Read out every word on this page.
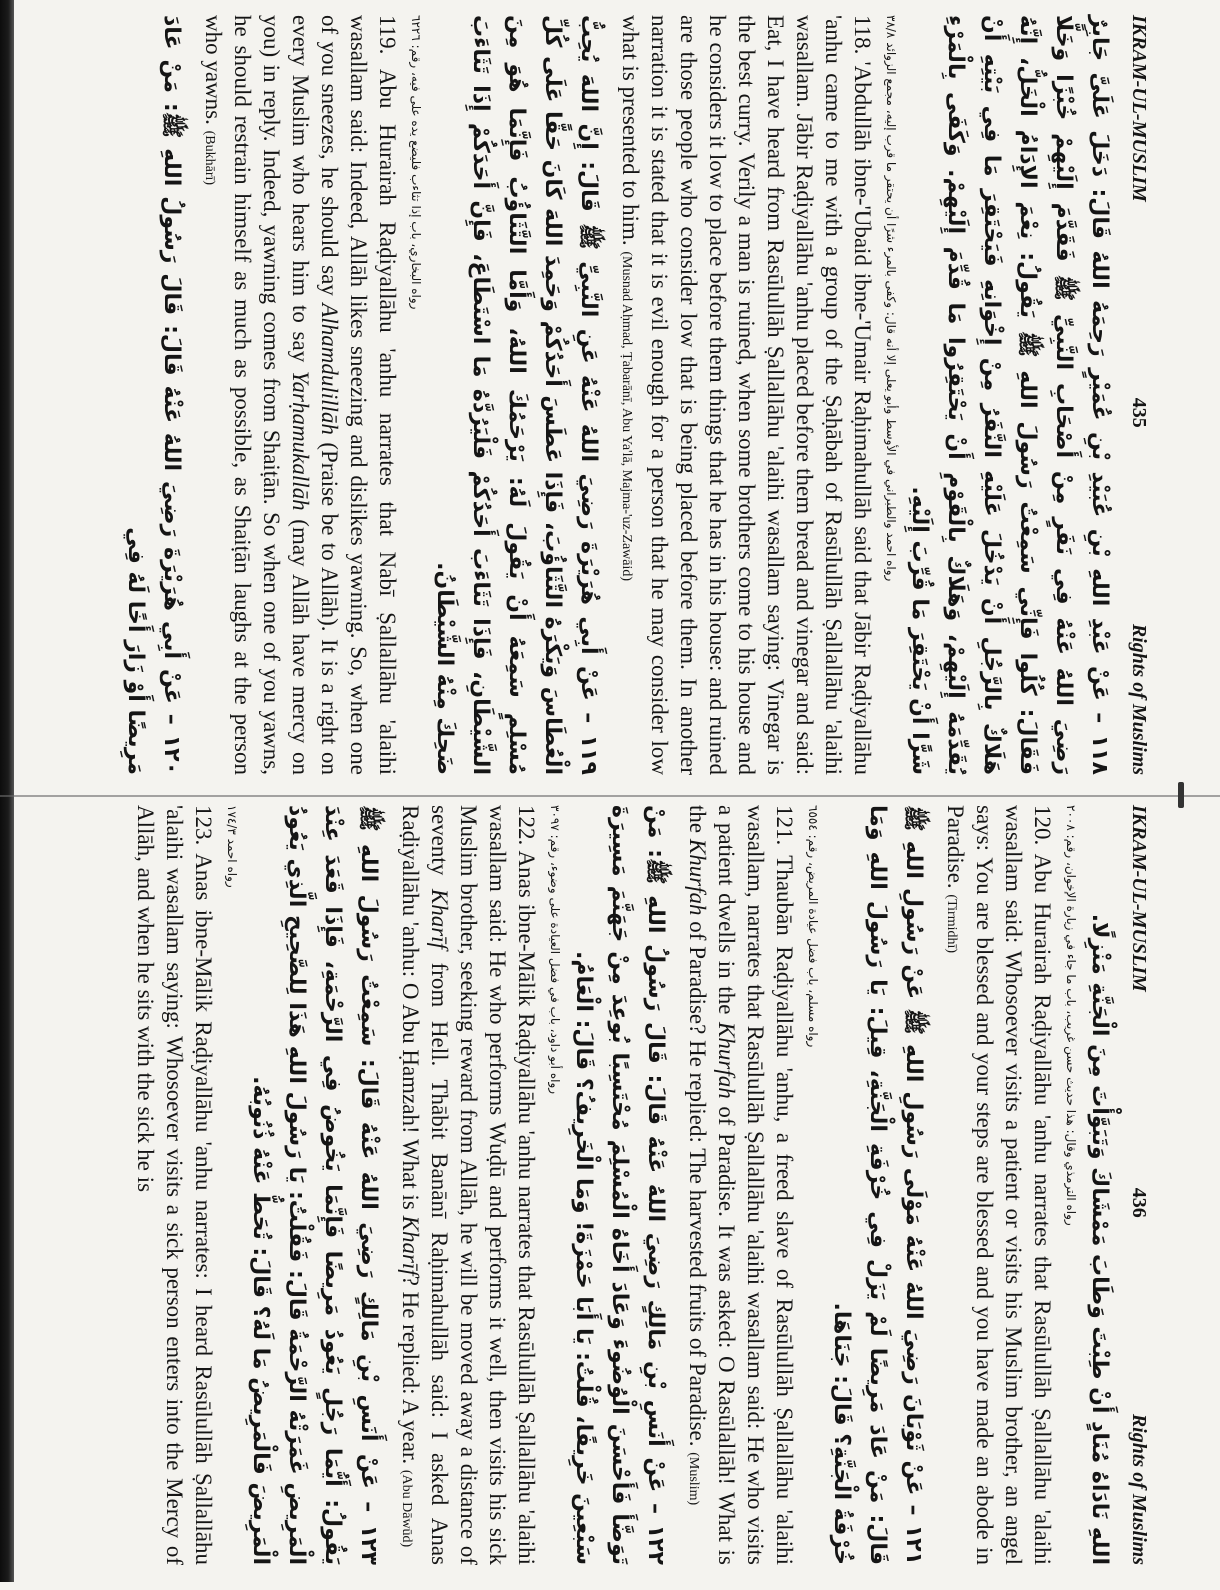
IKRAM-UL-MUSLIM
435
Rights of Muslims

١١٨ – عَنْ عَبْدِ اللهِ بْنِ عُبَيْدِ بْنِ عُمَيْرٍ رَحِمَهُ اللهُ قَالَ: دَخَلَ عَلَىَّ جَابِرٌ رَضِيَ اللهُ عَنْهُ فِي نَفَرٍ مِنْ أَصْحَابِ النَّبِيِّ ﷺ فَقَدَّمَ إِلَيْهِمْ خُبْزًا وَخَلًّا فَقَالَ: كُلُوا فَإِنِّي سَمِعْتُ رَسُولَ اللهِ ﷺ يَقُولُ: نِعْمَ الإِدَامُ الْخَلُّ، إِنَّهُ هَلَاكٌ بِالرَّجُلِ أَنْ يَدْخُلَ عَلَيْهِ النَّفَرُ مِنْ إِخْوَانِهِ فَيَحْتَقِرَ مَا فِي بَيْتِهِ أَنْ يُقَدِّمَهُ إِلَيْهِمْ، وَهَلَاكٌ بِالْقَوْمِ أَنْ يَحْتَقِرُوا مَا قُدِّمَ إِلَيْهِمْ. وَكَفَى بِالْمَرْءِ شَرًّا أَنْ يَحْتَقِرَ مَا قُرِّبَ إِلَيْهِ.

رواه احمد والطبراني في الأوسط وأبو يعلى إلا أنه قال: وكفى بالمرء شرًا أن يحتقر ما قرب إليه، مجمع الزوائد ٣٨/٨

118. 'Abdullāh ibne-'Ubaid ibne-'Umair Raḥimahullāh said that Jābir Raḍiyallāhu 'anhu came to me with a group of the Ṣaḥābah of Rasūlullāh Ṣallallāhu 'alaihi wasallam. Jābir Raḍiyallāhu 'anhu placed before them bread and vinegar and said: Eat, I have heard from Rasūlullāh Ṣallallāhu 'alaihi wasallam saying: Vinegar is the best curry. Verily a man is ruined, when some brothers come to his house and he considers it low to place before them things that he has in his house: and ruined are those people who consider low that is being placed before them. In another narration it is stated that it is evil enough for a person that he may consider low what is presented to him. (Musnad Aḥmad, Ṭabarānī, Abu Ya'lā, Majma-'uz-Zawāid)

١١٩ – عَنْ أَبِي هُرَيْرَةَ رَضِيَ اللهُ عَنْهُ عَنِ النَّبِيِّ ﷺ قَالَ: إِنَّ اللهَ يُحِبُّ الْعُطَاسَ وَيَكْرَهُ التَّثَاؤُبَ، فَإِذَا عَطَسَ أَحَدُكُمْ وَحَمِدَ اللهَ كَانَ حَقًّا عَلَى كُلِّ مُسْلِمٍ سَمِعَهُ أَنْ يَقُولَ لَهُ: يَرْحَمُكَ اللهُ، وَأَمَّا التَّثَاؤُبُ فَإِنَّمَا هُوَ مِنَ الشَّيْطَانِ، فَإِذَا تَثَاءَبَ أَحَدُكُمْ فَلْيَرُدَّهُ مَا اسْتَطَاعَ، فَإِنَّ أَحَدَكُمْ إِذَا تَثَاءَبَ ضَحِكَ مِنْهُ الشَّيْطَانُ.

رواه البخاري، باب إذا تثاءب فليضع يده على فيه، رقم: ٦٢٢٦

119. Abu Hurairah Raḍiyallāhu 'anhu narrates that Nabī Ṣallallāhu 'alaihi wasallam said: Indeed, Allāh likes sneezing and dislikes yawning. So, when one of you sneezes, he should say Alhamdulillāh (Praise be to Allāh). It is a right on every Muslim who hears him to say Yarḥamukallāh (may Allāh have mercy on you) in reply. Indeed, yawning comes from Shaiṭān. So when one of you yawns, he should restrain himself as much as possible, as Shaiṭān laughs at the person who yawns. (Bukhārī)

١٢٠ – عَنْ أَبِي هُرَيْرَةَ رَضِيَ اللهُ عَنْهُ قَالَ: قَالَ رَسُولُ اللهِ ﷺ: مَنْ عَادَ مَرِيضًا أَوْ زَارَ أَخًا لَهُ فِي

IKRAM-UL-MUSLIM
436
Rights of Muslims

اللهِ نَادَاهُ مُنَادٍ أَنْ طِبْتَ وَطَابَ مَمْشَاكَ وَتَبَوَّأْتَ مِنَ الْجَنَّةِ مَنْزِلًا.

رواه الترمذي وقال: هذا حديث حسن غريب، باب ما جاء في زيارة الإخوان، رقم: ٢٠٠٨

120. Abu Hurairah Raḍiyallāhu 'anhu narrates that Rasūlullāh Ṣallallāhu 'alaihi wasallam said: Whosoever visits a patient or visits his Muslim brother, an angel says: You are blessed and your steps are blessed and you have made an abode in Paradise. (Tirmidhī)

١٢١ – عَنْ ثَوْبَانَ رَضِيَ اللهُ عَنْهُ مَوْلَى رَسُولِ اللهِ ﷺ عَنْ رَسُولِ اللهِ ﷺ قَالَ: مَنْ عَادَ مَرِيضًا لَمْ يَزَلْ فِي خُرْفَةِ الْجَنَّةِ، قِيلَ: يَا رَسُولَ اللهِ وَمَا خُرْفَةُ الْجَنَّةِ؟ قَالَ: جَنَاهَا.

رواه مسلم، باب فضل عيادة المريض، رقم: ٦٥٥٤

121. Thaubān Raḍiyallāhu 'anhu, a freed slave of Rasūlullāh Ṣallallāhu 'alaihi wasallam, narrates that Rasūlullāh Ṣallallāhu 'alaihi wasallam said: He who visits a patient dwells in the Khurfah of Paradise. It was asked: O Rasūlallāh! What is the Khurfah of Paradise? He replied: The harvested fruits of Paradise. (Muslim)

١٢٢ – عَنْ أَنَسِ بْنِ مَالِكٍ رَضِيَ اللهُ عَنْهُ قَالَ: قَالَ رَسُولُ اللهِ ﷺ: مَنْ تَوَضَّأَ فَأَحْسَنَ الْوُضُوءَ وَعَادَ أَخَاهُ الْمُسْلِمَ مُحْتَسِبًا بُوعِدَ مِنْ جَهَنَّمَ مَسِيرَةَ سَبْعِينَ خَرِيفًا، قُلْتُ: يَا أَبَا حَمْزَةَ! وَمَا الْخَرِيفُ؟ قَالَ: الْعَامُ.

رواه أبو داود، باب في فضل العيادة على وضوء، رقم: ٣٠٩٧

122. Anas ibne-Mālik Raḍiyallāhu 'anhu narrates that Rasūlullāh Ṣallallāhu 'alaihi wasallam said: He who performs Wuḍū and performs it well, then visits his sick Muslim brother, seeking reward from Allāh, he will be moved away a distance of seventy Kharīf from Hell. Thābit Banānī Raḥimahullāh said: I asked Anas Raḍiyallāhu 'anhu: O Abu Ḥamzah! What is Kharīf? He replied: A year. (Abu Dāwūd)

١٢٣ – عَنْ أَنَسِ بْنِ مَالِكٍ رَضِيَ اللهُ عَنْهُ قَالَ: سَمِعْتُ رَسُولَ اللهِ ﷺ يَقُولُ: أَيُّمَا رَجُلٍ يَعُودُ مَرِيضًا فَإِنَّمَا يَخُوضُ فِي الرَّحْمَةِ، فَإِذَا قَعَدَ عِنْدَ الْمَرِيضِ غَمَرَتْهُ الرَّحْمَةُ قَالَ: فَقُلْتُ: يَا رَسُولَ اللهِ هَذَا لِلصَّحِيحِ الَّذِي يَعُودُ الْمَرِيضَ فَالْمَرِيضُ مَا لَهُ؟ قَالَ: تُحَطُّ عَنْهُ ذُنُوبُهُ.

رواه احمد ١٧٤/٣

123. Anas ibne-Mālik Raḍiyallāhu 'anhu narrates: I heard Rasūlullāh Ṣallallāhu 'alaihi wasallam saying: Whosoever visits a sick person enters into the Mercy of Allāh, and when he sits with the sick he is
